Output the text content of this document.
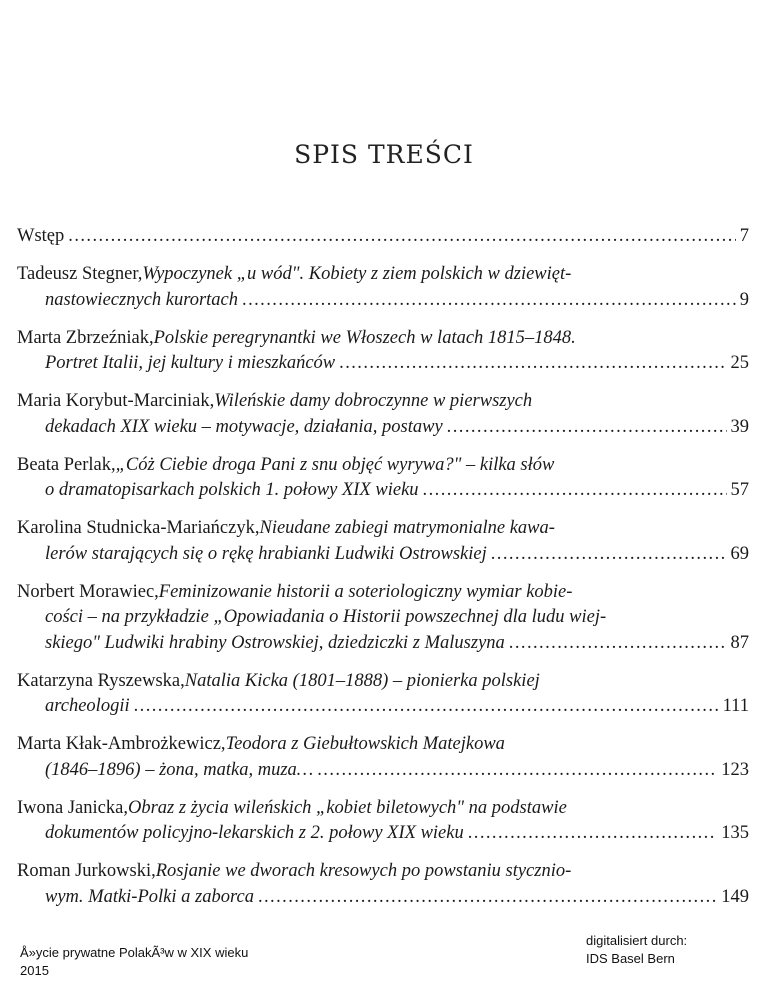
SPIS TREŚCI
Wstęp . . .	7
Tadeusz Stegner, Wypoczynek „u wód". Kobiety z ziem polskich w dziewięt-
nastowiecznych kurortach . . .	9
Marta Zbrzeźniak, Polskie peregrynantki we Włoszech w latach 1815–1848.
Portret Italii, jej kultury i mieszkańców . . .	25
Maria Korybut-Marciniak, Wileńskie damy dobroczynne w pierwszych
dekadach XIX wieku – motywacje, działania, postawy . . .	39
Beata Perlak, „Cóż Ciebie droga Pani z snu objęć wyrywa?" – kilka słów
o dramatopisarkach polskich 1. połowy XIX wieku . . .	57
Karolina Studnicka-Mariańczyk, Nieudane zabiegi matrymonialne kawa-
lerów starających się o rękę hrabianki Ludwiki Ostrowskiej . . .	69
Norbert Morawiec, Feminizowanie historii a soteriologiczny wymiar kobie-
cości – na przykładzie „Opowiadania o Historii powszechnej dla ludu wiej-
skiego" Ludwiki hrabiny Ostrowskiej, dziedziczki z Maluszyna . . .	87
Katarzyna Ryszewska, Natalia Kicka (1801–1888) – pionierka polskiej
archeologii . . .	111
Marta Kłak-Ambrożkewicz, Teodora z Giebułtowskich Matejkowa
(1846–1896) – żona, matka, muza… . . .	123
Iwona Janicka, Obraz z życia wileńskich „kobiet biletowych" na podstawie
dokumentów policyjno-lekarskich z 2. połowy XIX wieku . . .	135
Roman Jurkowski, Rosjanie we dworach kresowych po powstaniu stycznio-
wym. Matki-Polki a zaborca . . .	149
Å»ycie prywatne PolakÃ³w w XIX wieku
2015
digitalisiert durch:
IDS Basel Bern
